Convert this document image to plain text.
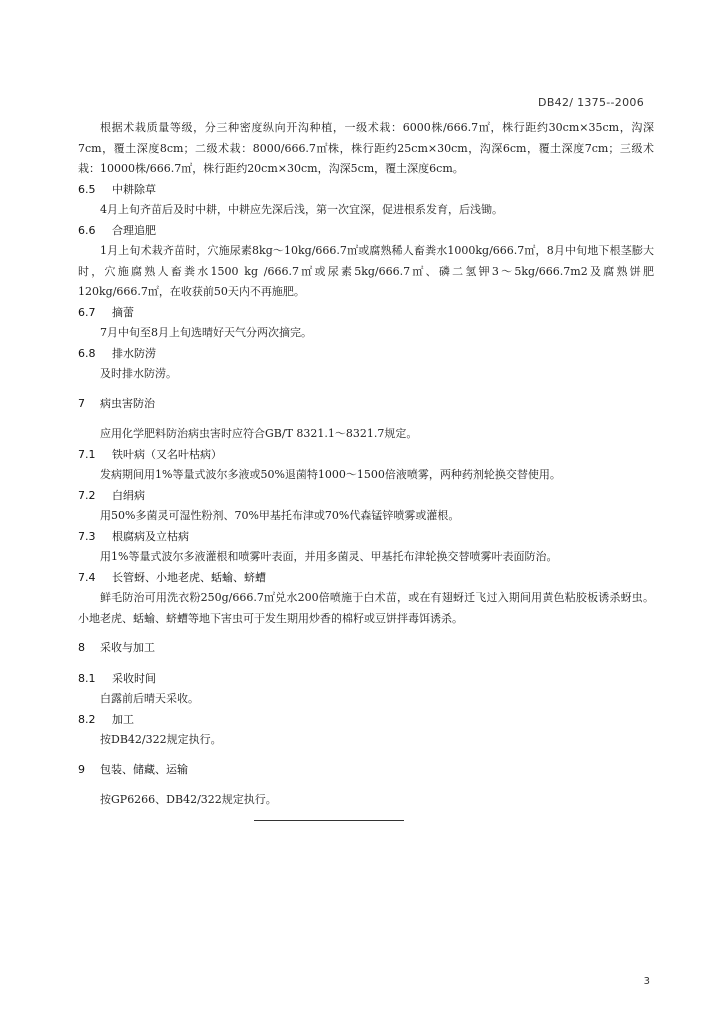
DB42/ 1375--2006

根据术栽质量等级，分三种密度纵向开沟种植，一级术栽：6000株/666.7㎡，株行距约30cm×35cm，沟深7cm，覆土深度8cm；二级术栽：8000/666.7㎡株，株行距约25cm×30cm，沟深6cm，覆土深度7cm；三级术栽：10000株/666.7㎡，株行距约20cm×30cm，沟深5cm，覆土深度6cm。

6.5 中耕除草

4月上旬齐苗后及时中耕，中耕应先深后浅，第一次宜深，促进根系发育，后浅锄。

6.6 合理追肥

1月上旬术栽齐苗时，穴施尿素8kg～10kg/666.7㎡或腐熟稀人畜粪水1000kg/666.7㎡，8月中旬地下根茎膨大时，穴施腐熟人畜粪水1500 kg /666.7㎡或尿素5kg/666.7㎡、磷二氢钾3～5kg/666.7m2及腐熟饼肥120kg/666.7㎡，在收获前50天内不再施肥。

6.7 摘蕾

7月中旬至8月上旬选晴好天气分两次摘完。

6.8 排水防涝

及时排水防涝。

7 病虫害防治

应用化学肥料防治病虫害时应符合GB/T 8321.1～8321.7规定。

7.1 铁叶病（又名叶枯病）

发病期间用1%等量式波尔多液或50%退菌特1000～1500倍液喷雾，两种药剂轮换交替使用。

7.2 白绢病

用50%多菌灵可湿性粉剂、70%甲基托布津或70%代森锰锌喷雾或灌根。

7.3 根腐病及立枯病

用1%等量式波尔多液灌根和喷雾叶表面，并用多菌灵、甲基托布津轮换交替喷雾叶表面防治。

7.4 长管蚜、小地老虎、蛞蝓、蛴螬

鲜毛防治可用洗衣粉250g/666.7㎡兑水200倍喷施于白术苗，或在有翅蚜迁飞过入期间用黄色粘胶板诱杀蚜虫。小地老虎、蛞蝓、蛴螬等地下害虫可于发生期用炒香的棉籽或豆饼拌毒饵诱杀。

8 采收与加工
8.1 采收时间

白露前后晴天采收。

8.2 加工

按DB42/322规定执行。

9 包装、储藏、运输

按GP6266、DB42/322规定执行。

3
